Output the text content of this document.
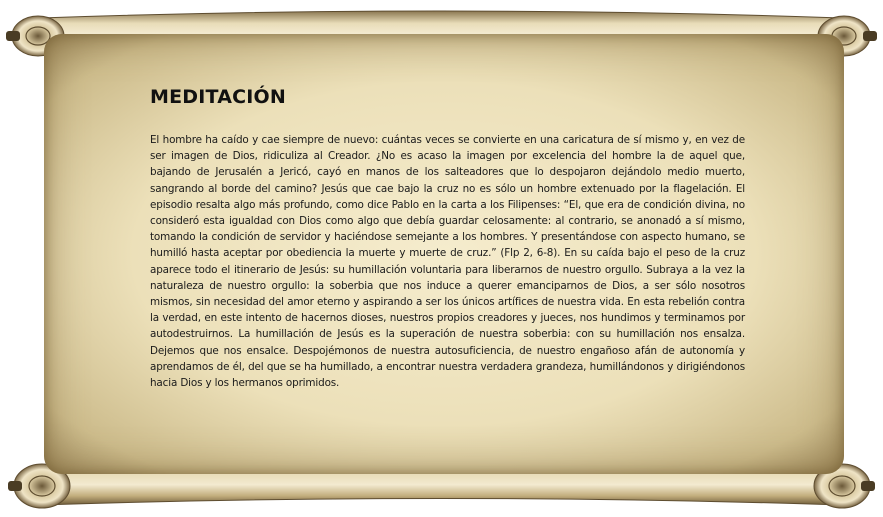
MEDITACIÓN

El hombre ha caído y cae siempre de nuevo: cuántas veces se convierte en una caricatura de sí mismo y, en vez de ser imagen de Dios, ridiculiza al Creador. ¿No es acaso la imagen por excelencia del hombre la de aquel que, bajando de Jerusalén a Jericó, cayó en manos de los salteadores que lo despojaron dejándolo medio muerto, sangrando al borde del camino? Jesús que cae bajo la cruz no es sólo un hombre extenuado por la flagelación. El episodio resalta algo más profundo, como dice Pablo en la carta a los Filipenses: “El, que era de condición divina, no consideró esta igualdad con Dios como algo que debía guardar celosamente: al contrario, se anonadó a sí mismo, tomando la condición de servidor y haciéndose semejante a los hombres. Y presentándose con aspecto humano, se humilló hasta aceptar por obediencia la muerte y muerte de cruz.” (Flp 2, 6-8). En su caída bajo el peso de la cruz aparece todo el itinerario de Jesús: su humillación voluntaria para liberarnos de nuestro orgullo. Subraya a la vez la naturaleza de nuestro orgullo: la soberbia que nos induce a querer emanciparnos de Dios, a ser sólo nosotros mismos, sin necesidad del amor eterno y aspirando a ser los únicos artífices de nuestra vida. En esta rebelión contra la verdad, en este intento de hacernos dioses, nuestros propios creadores y jueces, nos hundimos y terminamos por autodestruirnos. La humillación de Jesús es la superación de nuestra soberbia: con su humillación nos ensalza. Dejemos que nos ensalce. Despojémonos de nuestra autosuficiencia, de nuestro engañoso afán de autonomía y aprendamos de él, del que se ha humillado, a encontrar nuestra verdadera grandeza, humillándonos y dirigiéndonos hacia Dios y los hermanos oprimidos.
